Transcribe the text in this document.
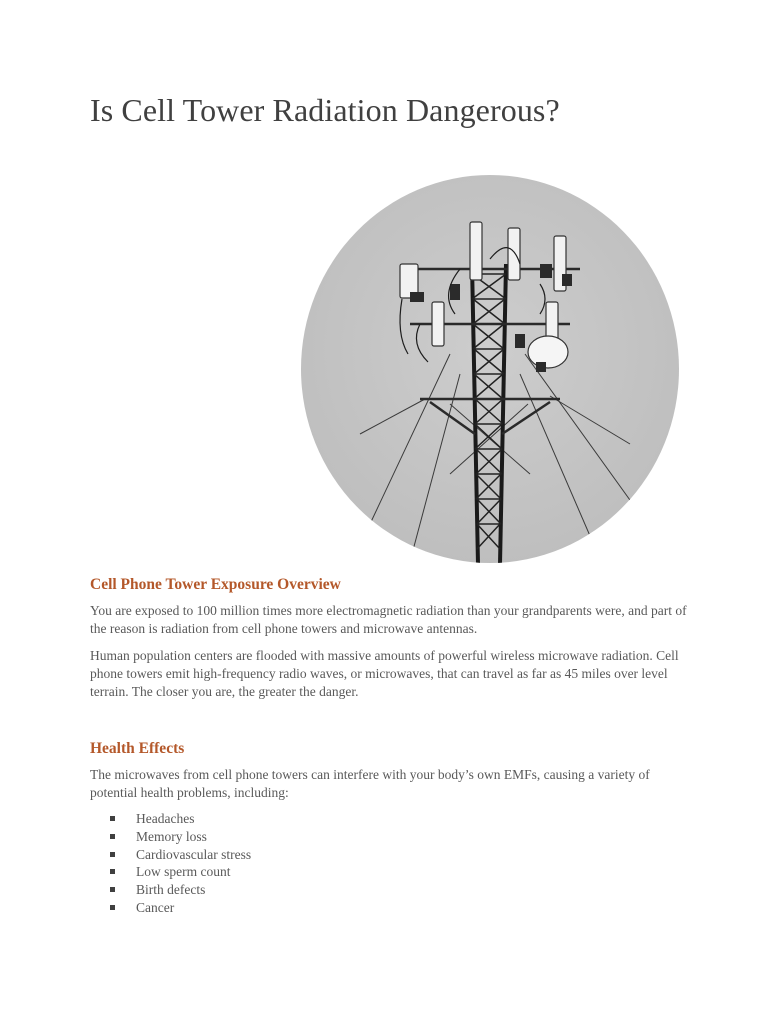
Is Cell Tower Radiation Dangerous?
Cell Phone Tower Exposure Overview

You are exposed to 100 million times more electromagnetic radiation than your grandparents were, and part of the reason is radiation from cell phone towers and microwave antennas.

Human population centers are flooded with massive amounts of powerful wireless microwave radiation. Cell phone towers emit high-frequency radio waves, or microwaves, that can travel as far as 45 miles over level terrain. The closer you are, the greater the danger.

Health Effects

The microwaves from cell phone towers can interfere with your body’s own EMFs, causing a variety of potential health problems, including:

Headaches
Memory loss
Cardiovascular stress
Low sperm count
Birth defects
Cancer
